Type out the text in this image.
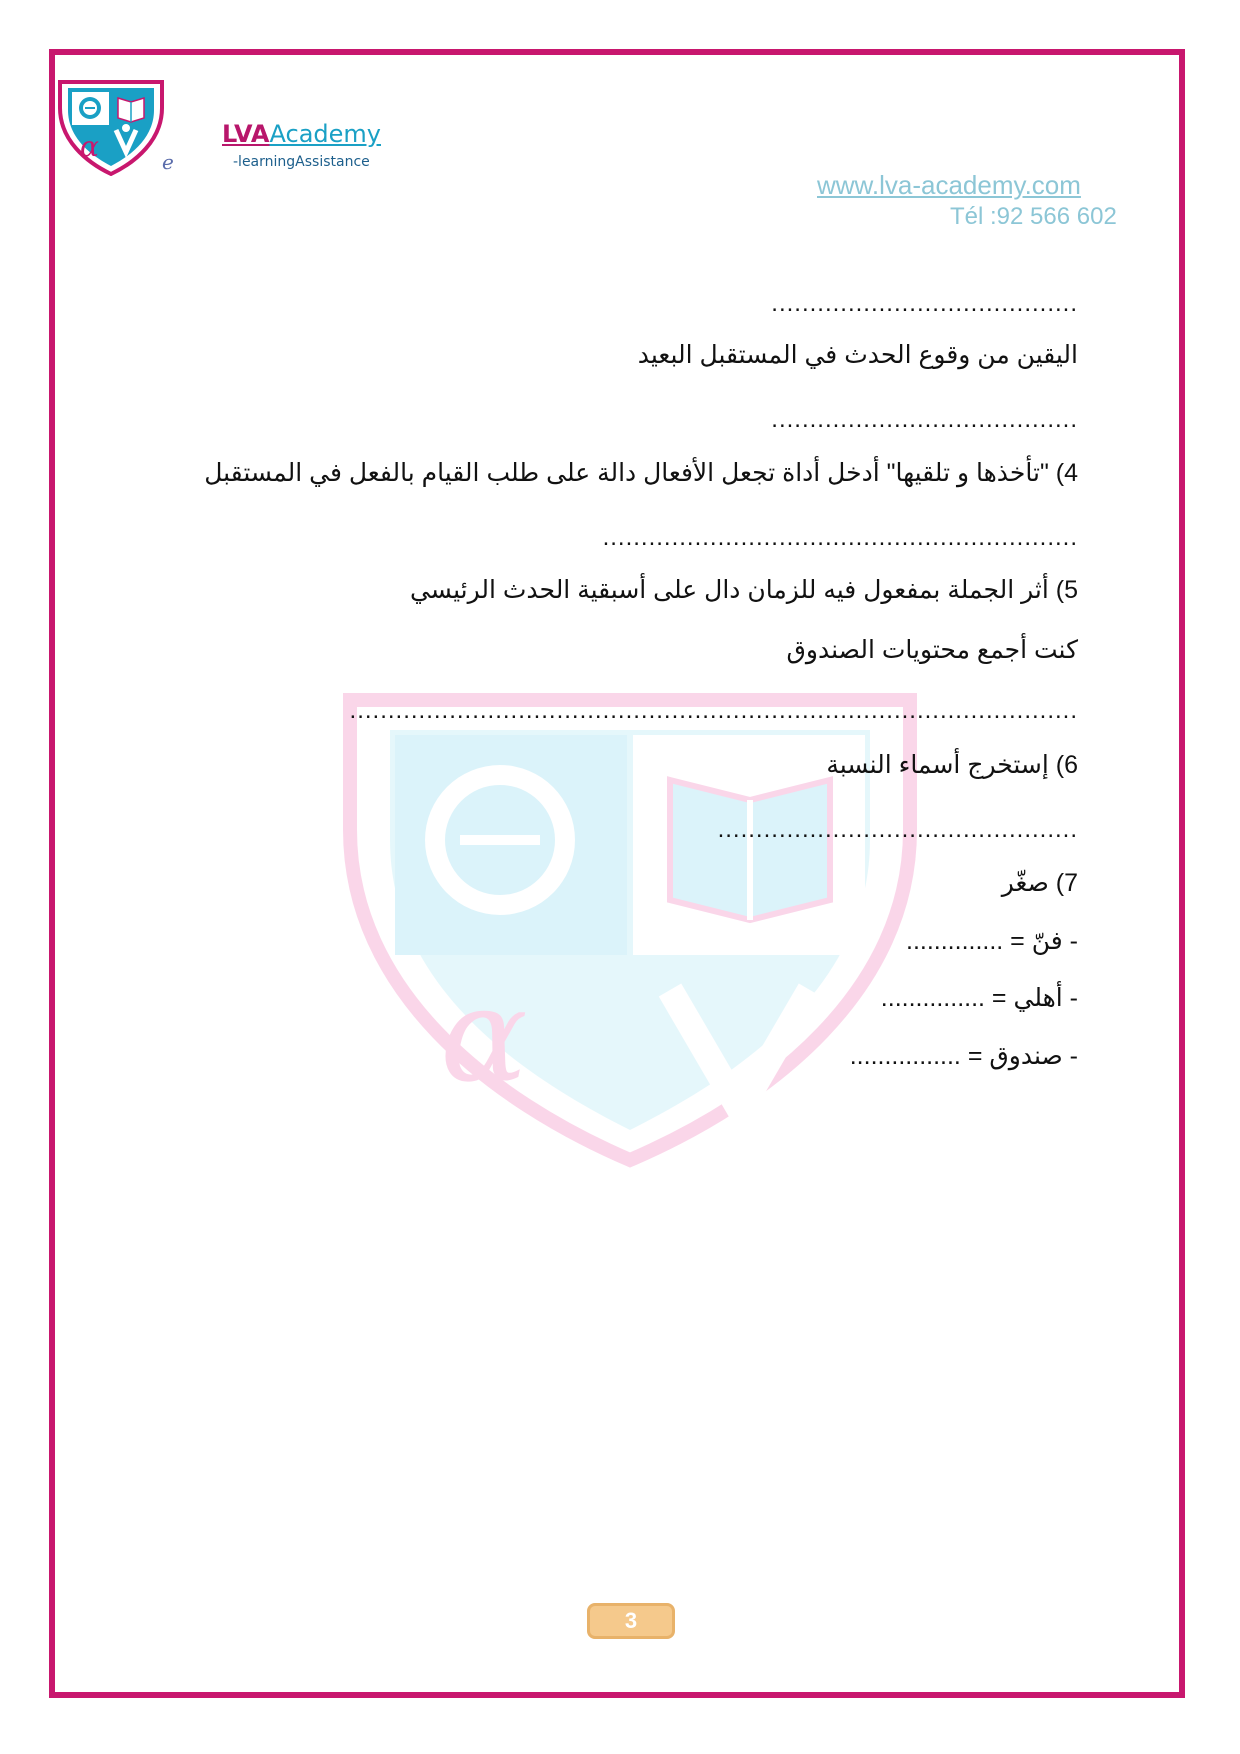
α	e
LVAAcademy
-learningAssistance
www.lva-academy.com
Tél :92 566 602
α
........................................
اليقين من وقوع الحدث في المستقبل البعيد
........................................
4) "تأخذها و تلقيها" أدخل أداة تجعل الأفعال دالة على طلب القيام بالفعل في المستقبل
..............................................................
5) أثر الجملة بمفعول فيه للزمان دال على أسبقية الحدث الرئيسي
كنت أجمع محتويات الصندوق
...............................................................................................
6) إستخرج أسماء النسبة
...............................................
7) صغّر
- فنّ = ..............
- أهلي = ...............
- صندوق = ................
3
